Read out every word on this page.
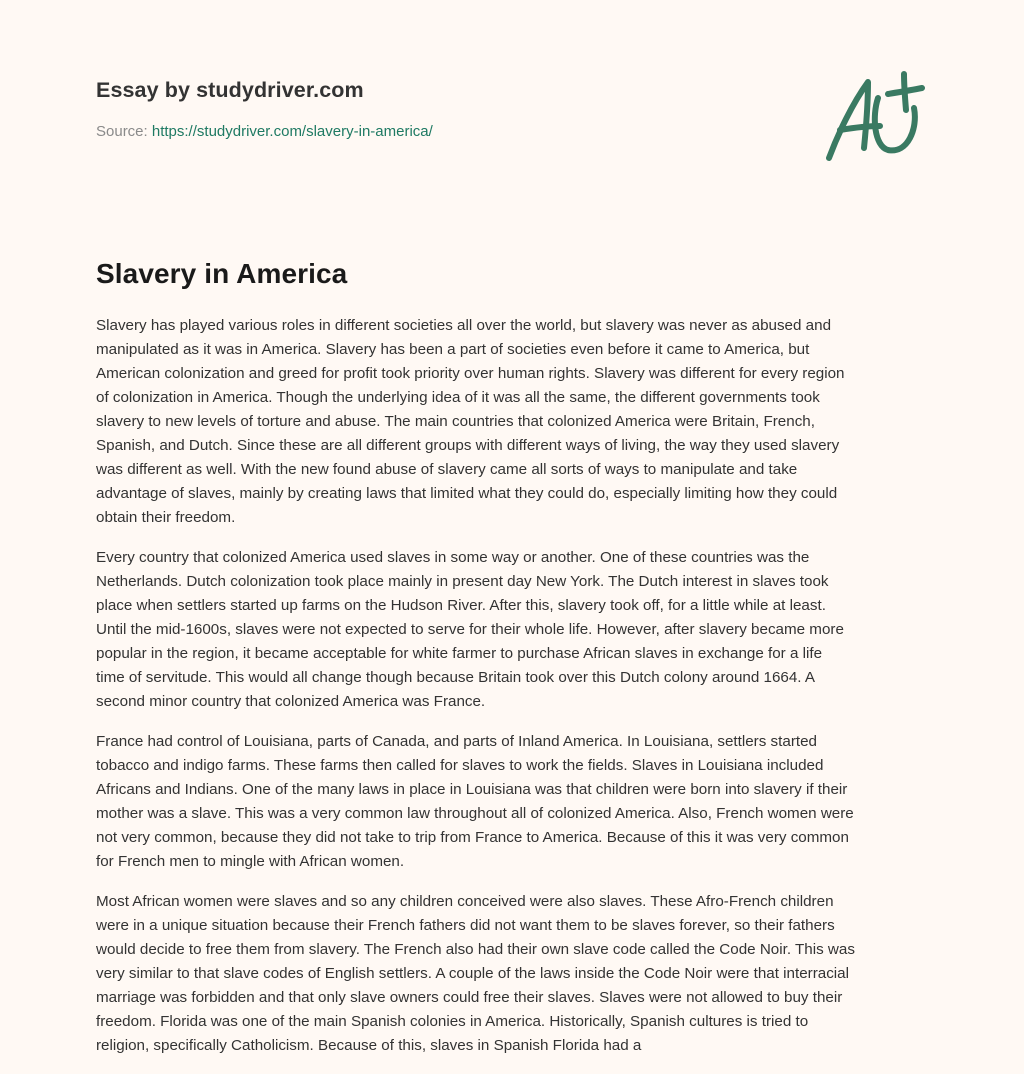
Essay by studydriver.com
Source: https://studydriver.com/slavery-in-america/
Slavery in America

Slavery has played various roles in different societies all over the world, but slavery was never as abused and
manipulated as it was in America. Slavery has been a part of societies even before it came to America, but
American colonization and greed for profit took priority over human rights. Slavery was different for every region
of colonization in America. Though the underlying idea of it was all the same, the different governments took
slavery to new levels of torture and abuse. The main countries that colonized America were Britain, French,
Spanish, and Dutch. Since these are all different groups with different ways of living, the way they used slavery
was different as well. With the new found abuse of slavery came all sorts of ways to manipulate and take
advantage of slaves, mainly by creating laws that limited what they could do, especially limiting how they could
obtain their freedom.

Every country that colonized America used slaves in some way or another. One of these countries was the
Netherlands. Dutch colonization took place mainly in present day New York. The Dutch interest in slaves took
place when settlers started up farms on the Hudson River. After this, slavery took off, for a little while at least.
Until the mid-1600s, slaves were not expected to serve for their whole life. However, after slavery became more
popular in the region, it became acceptable for white farmer to purchase African slaves in exchange for a life
time of servitude. This would all change though because Britain took over this Dutch colony around 1664. A
second minor country that colonized America was France.

France had control of Louisiana, parts of Canada, and parts of Inland America. In Louisiana, settlers started
tobacco and indigo farms. These farms then called for slaves to work the fields. Slaves in Louisiana included
Africans and Indians. One of the many laws in place in Louisiana was that children were born into slavery if their
mother was a slave. This was a very common law throughout all of colonized America. Also, French women were
not very common, because they did not take to trip from France to America. Because of this it was very common
for French men to mingle with African women.

Most African women were slaves and so any children conceived were also slaves. These Afro-French children
were in a unique situation because their French fathers did not want them to be slaves forever, so their fathers
would decide to free them from slavery. The French also had their own slave code called the Code Noir. This was
very similar to that slave codes of English settlers. A couple of the laws inside the Code Noir were that interracial
marriage was forbidden and that only slave owners could free their slaves. Slaves were not allowed to buy their
freedom. Florida was one of the main Spanish colonies in America. Historically, Spanish cultures is tried to
religion, specifically Catholicism. Because of this, slaves in Spanish Florida had a
